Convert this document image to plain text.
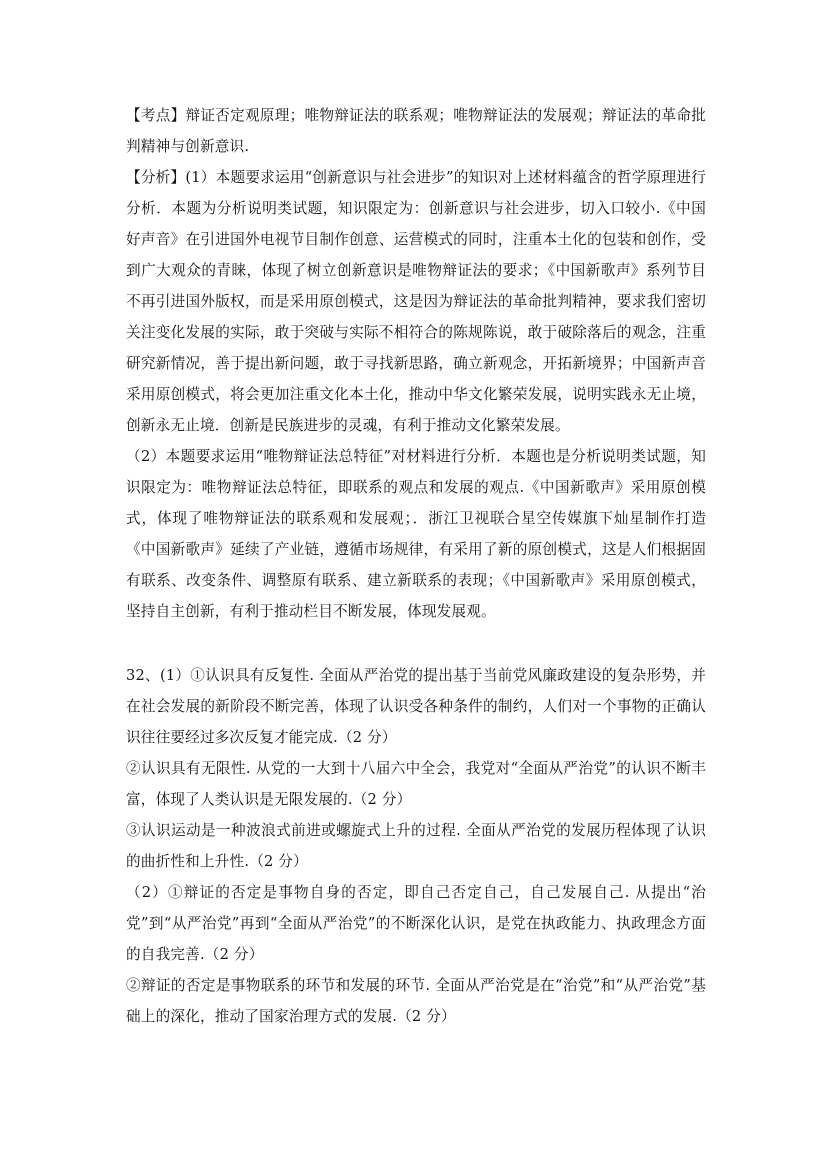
【考点】辩证否定观原理；唯物辩证法的联系观；唯物辩证法的发展观；辩证法的革命批判精神与创新意识.

【分析】(1）本题要求运用“创新意识与社会进步”的知识对上述材料蕴含的哲学原理进行分析．本题为分析说明类试题，知识限定为：创新意识与社会进步，切入口较小.《中国好声音》在引进国外电视节目制作创意、运营模式的同时，注重本土化的包装和创作，受到广大观众的青睐，体现了树立创新意识是唯物辩证法的要求；《中国新歌声》系列节目不再引进国外版权，而是采用原创模式，这是因为辩证法的革命批判精神，要求我们密切关注变化发展的实际，敢于突破与实际不相符合的陈规陈说，敢于破除落后的观念，注重研究新情况，善于提出新问题，敢于寻找新思路，确立新观念，开拓新境界；中国新声音采用原创模式，将会更加注重文化本土化，推动中华文化繁荣发展，说明实践永无止境，创新永无止境．创新是民族进步的灵魂，有利于推动文化繁荣发展。

（2）本题要求运用“唯物辩证法总特征”对材料进行分析．本题也是分析说明类试题，知识限定为：唯物辩证法总特征，即联系的观点和发展的观点.《中国新歌声》采用原创模式，体现了唯物辩证法的联系观和发展观；．浙江卫视联合星空传媒旗下灿星制作打造《中国新歌声》延续了产业链，遵循市场规律，有采用了新的原创模式，这是人们根据固有联系、改变条件、调整原有联系、建立新联系的表现；《中国新歌声》采用原创模式，坚持自主创新，有利于推动栏目不断发展，体现发展观。

32、(1）①认识具有反复性. 全面从严治党的提出基于当前党风廉政建设的复杂形势，并在社会发展的新阶段不断完善，体现了认识受各种条件的制约，人们对一个事物的正确认识往往要经过多次反复才能完成.（2 分）

②认识具有无限性. 从党的一大到十八届六中全会，我党对“全面从严治党”的认识不断丰富，体现了人类认识是无限发展的.（2 分）

③认识运动是一种波浪式前进或螺旋式上升的过程. 全面从严治党的发展历程体现了认识的曲折性和上升性.（2 分）

（2）①辩证的否定是事物自身的否定，即自己否定自己，自己发展自己. 从提出“治党”到“从严治党”再到“全面从严治党”的不断深化认识，是党在执政能力、执政理念方面的自我完善.（2 分）

②辩证的否定是事物联系的环节和发展的环节. 全面从严治党是在“治党”和“从严治党”基础上的深化，推动了国家治理方式的发展.（2 分）
